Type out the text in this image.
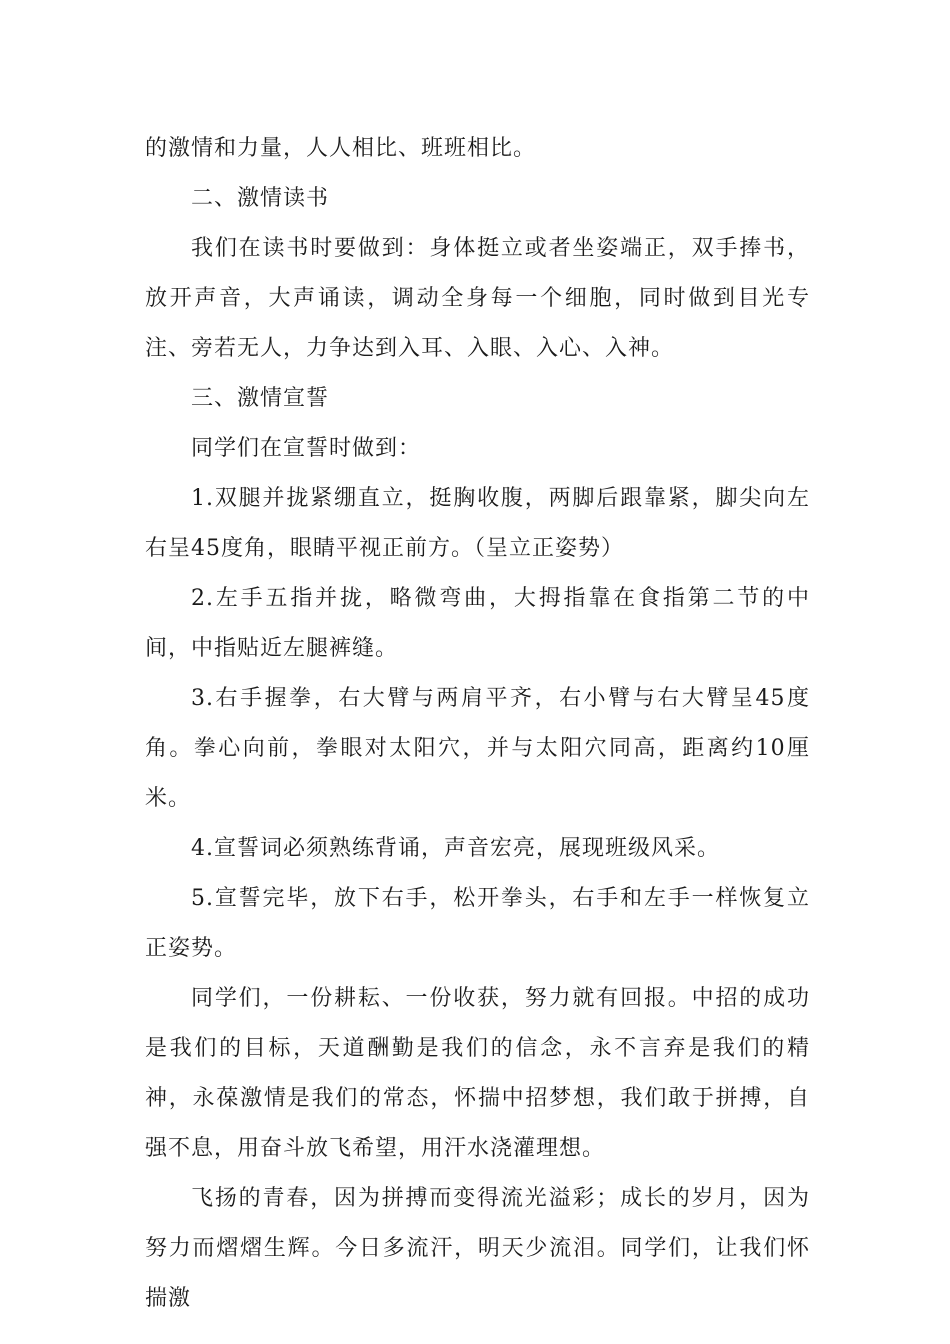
的激情和力量，人人相比、班班相比。

二、激情读书

我们在读书时要做到：身体挺立或者坐姿端正，双手捧书，放开声音，大声诵读，调动全身每一个细胞，同时做到目光专注、旁若无人，力争达到入耳、入眼、入心、入神。

三、激情宣誓

同学们在宣誓时做到：

1.双腿并拢紧绷直立，挺胸收腹，两脚后跟靠紧，脚尖向左右呈45度角，眼睛平视正前方。（呈立正姿势）

2.左手五指并拢，略微弯曲，大拇指靠在食指第二节的中间，中指贴近左腿裤缝。

3.右手握拳，右大臂与两肩平齐，右小臂与右大臂呈45度角。拳心向前，拳眼对太阳穴，并与太阳穴同高，距离约10厘米。

4.宣誓词必须熟练背诵，声音宏亮，展现班级风采。

5.宣誓完毕，放下右手，松开拳头，右手和左手一样恢复立正姿势。

同学们，一份耕耘、一份收获，努力就有回报。中招的成功是我们的目标，天道酬勤是我们的信念，永不言弃是我们的精神，永葆激情是我们的常态，怀揣中招梦想，我们敢于拼搏，自强不息，用奋斗放飞希望，用汗水浇灌理想。

飞扬的青春，因为拼搏而变得流光溢彩；成长的岁月，因为努力而熠熠生辉。今日多流汗，明天少流泪。同学们，让我们怀揣激
